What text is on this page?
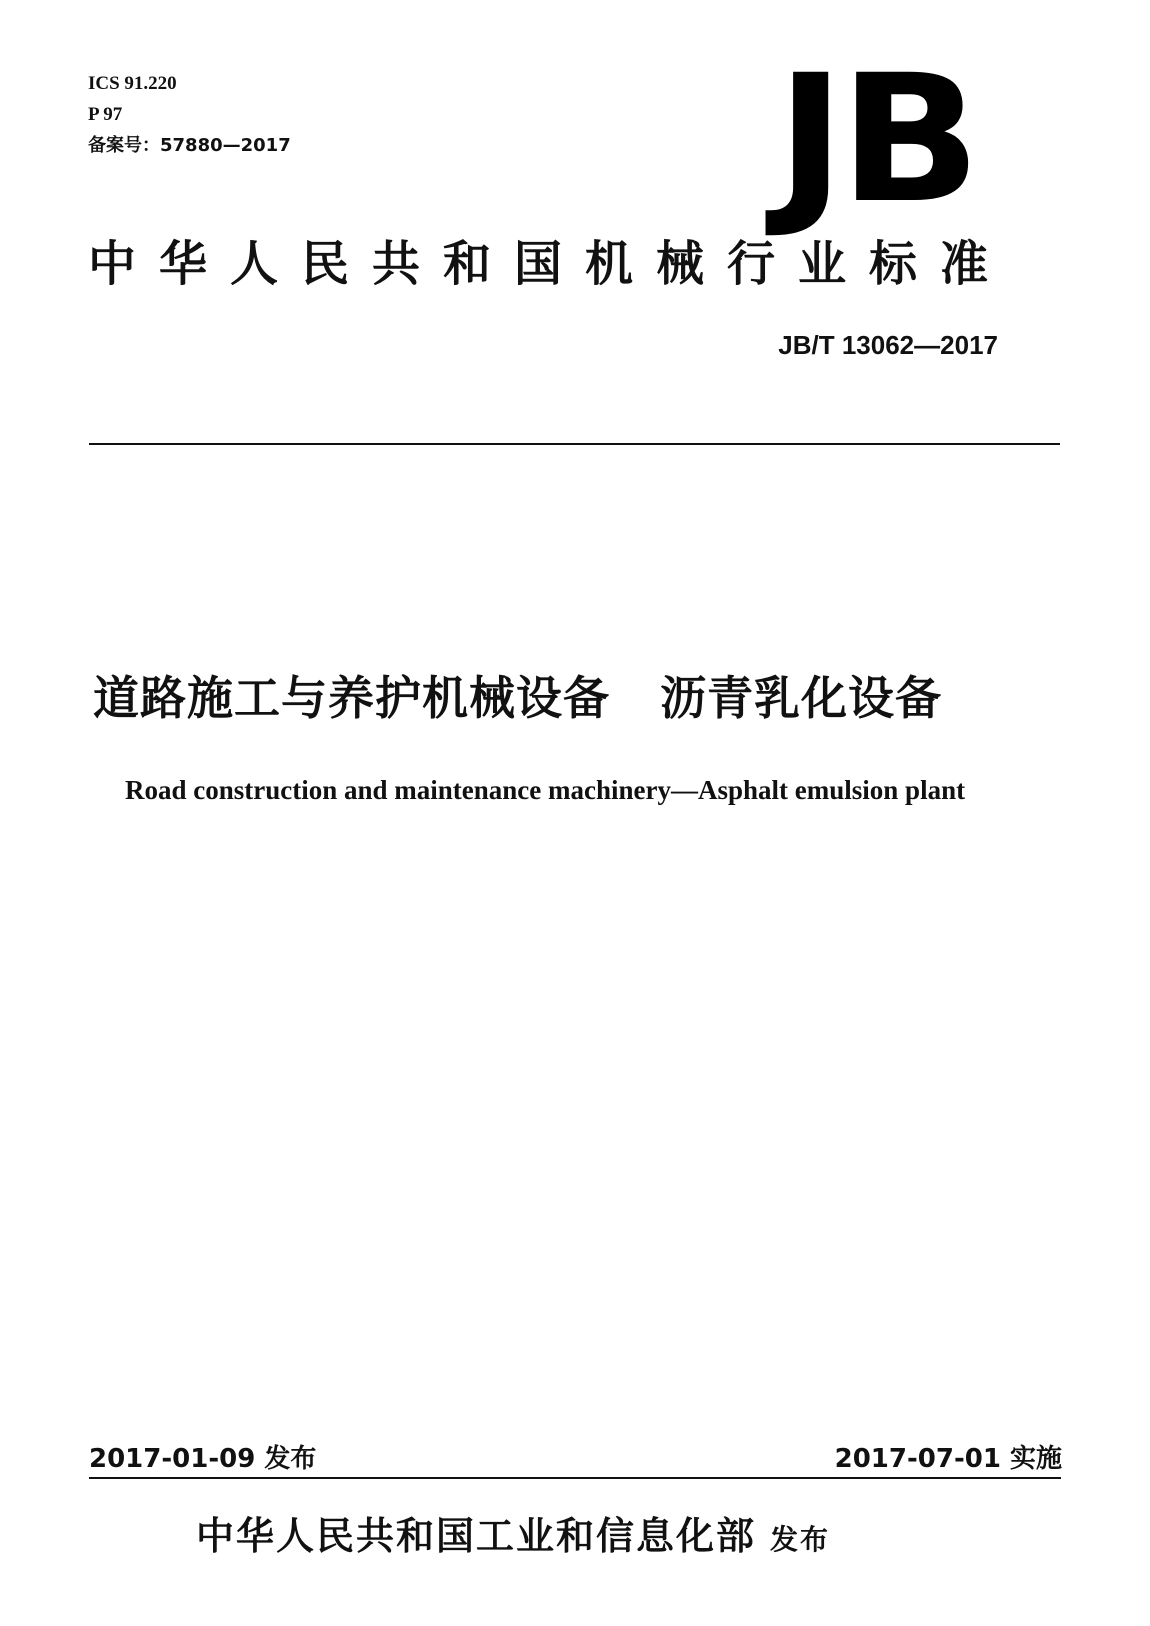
ICS 91.220
P 97
备案号：57880—2017	JB
中华人民共和国机械行业标准
JB/T 13062—2017
道路施工与养护机械设备 沥青乳化设备
Road construction and maintenance machinery—Asphalt emulsion plant
2017-01-09 发布	2017-07-01 实施
中华人民共和国工业和信息化部 发布
